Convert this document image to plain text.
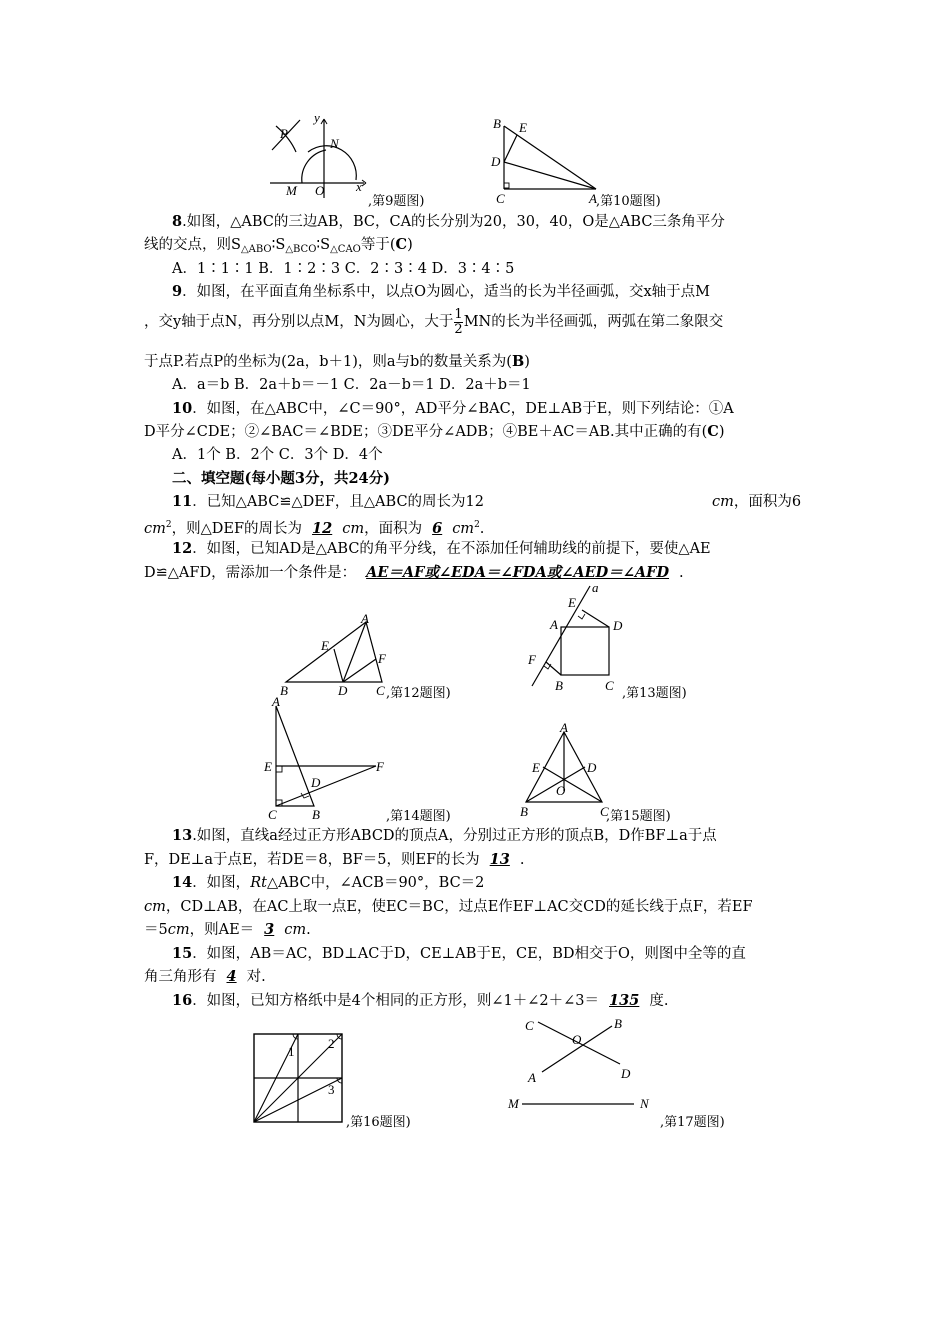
P
y
N
M O x
,第9题图)
B E
D
C	A ,第10题图)
8.如图，△ABC的三边AB，BC，CA的长分别为20，30，40，O是△ABC三条角平分
线的交点，则$S_{\triangle ABO}∶S_{\triangle BCO}∶S_{\triangle CAO}$等于(C)
A．1∶1∶1 B．1∶2∶3 C．2∶3∶4 D．3∶4∶5
9．如图，在平面直角坐标系中，以点O为圆心，适当的长为半径画弧，交x轴于点M
，交y轴于点N，再分别以点M，N为圆心，大于 $\frac{1}{2}$ MN的长为半径画弧，两弧在第二象限交
于点P.若点P的坐标为(2a，b＋1)，则a与b的数量关系为(B)
A．a＝b B．2a＋b＝－1 C．2a－b＝1 D．2a＋b＝1
10．如图，在△ABC中，∠C＝90°，AD平分∠BAC，DE⊥AB于E，则下列结论：①A
D平分∠CDE；②∠BAC＝∠BDE；③DE平分∠ADB；④BE＋AC＝AB.其中正确的有(C)
A．1个 B．2个 C．3个 D．4个
二、填空题(每小题3分，共24分)
11．已知△ABC≌△DEF，且△ABC的周长为12	cm，面积为6
$cm^2$，则△DEF的周长为 12 cm，面积为 6 $cm^2$.
12．如图，已知AD是△ABC的角平分线，在不添加任何辅助线的前提下，要使△AE
D≌△AFD，需添加一个条件是： AE＝AF或∠EDA＝∠FDA或∠AED＝∠AFD .
A
E
F
B	D C ,第12题图)
a
E
A	D
F
B	C
,第13题图)
A
E
D
F
C	B	,第14题图)
A
E	D
O
B	C
,第15题图)
13.如图，直线a经过正方形ABCD的顶点A，分别过正方形的顶点B，D作BF⊥a于点
F，DE⊥a于点E，若DE＝8，BF＝5，则EF的长为 13 .
14．如图，Rt△ABC中，∠ACB＝90°，BC＝2
cm，CD⊥AB，在AC上取一点E，使EC＝BC，过点E作EF⊥AC交CD的延长线于点F，若EF
＝5cm，则AE＝ 3 cm.
15．如图，AB＝AC，BD⊥AC于D，CE⊥AB于E，CE，BD相交于O，则图中全等的直
角三角形有 4 对.
16．如图，已知方格纸中是4个相同的正方形，则∠1＋∠2＋∠3＝ 135 度.
1
2
3
,第16题图)
C	B
O
A	D
M	N
,第17题图)
